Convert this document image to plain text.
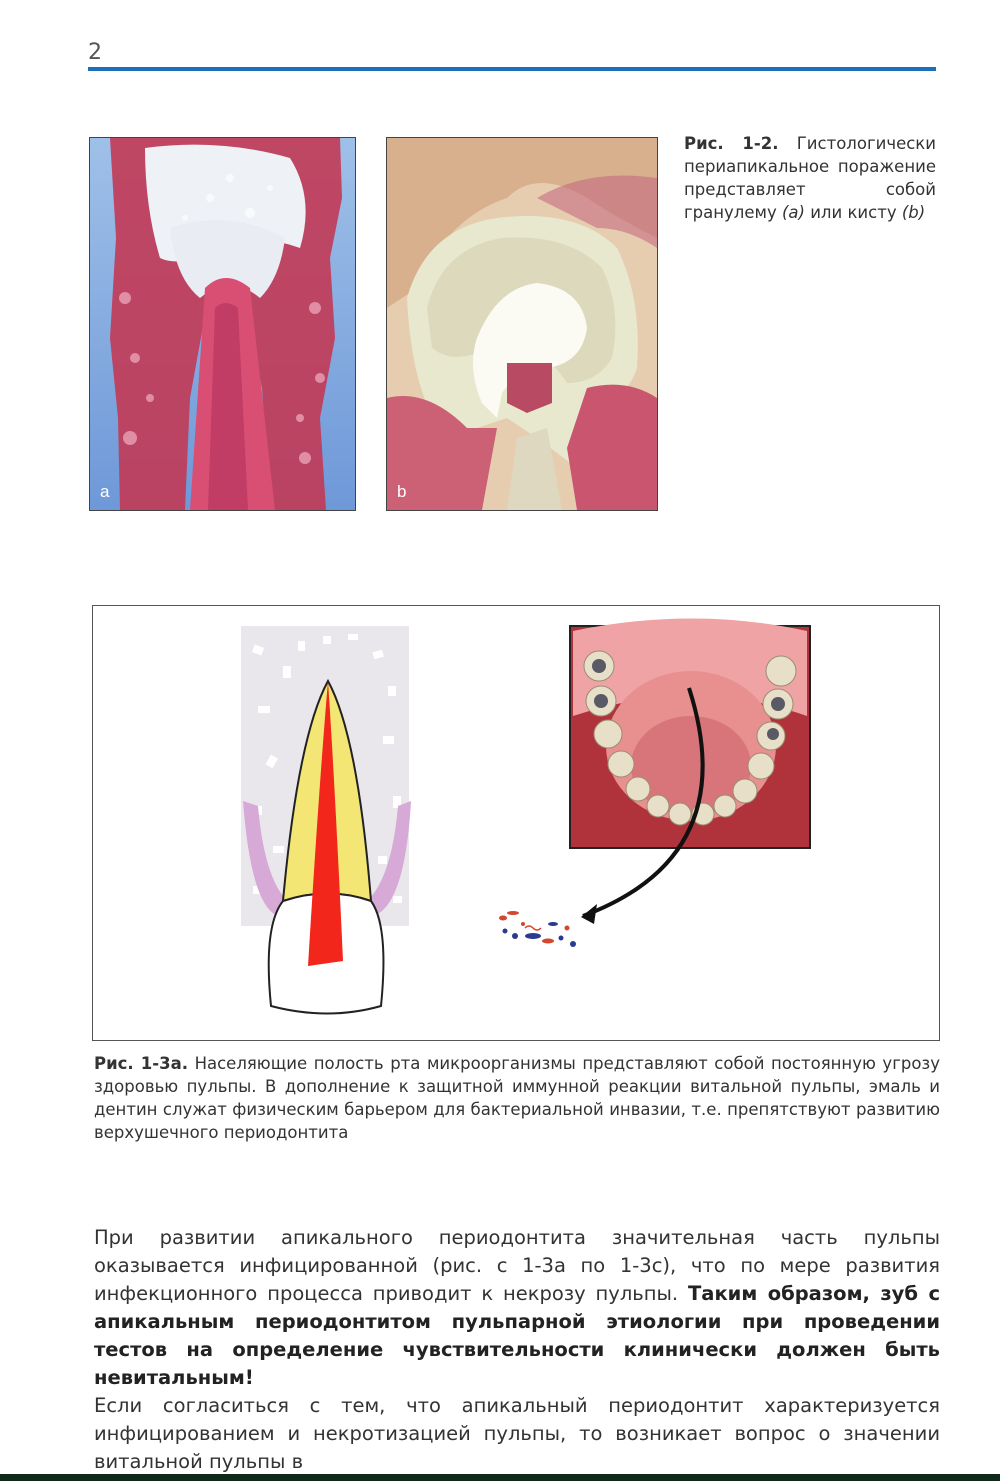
2
a	b
Рис. 1-2. Гистологически периапикальное поражение представляет собой гранулему (a) или кисту (b)
Рис. 1-3a. Населяющие полость рта микроорганизмы представляют собой постоянную угрозу здоровью пульпы. В дополнение к защитной иммунной реакции витальной пульпы, эмаль и дентин служат физическим барьером для бактериальной инвазии, т.е. препятствуют развитию верхушечного периодонтита

При развитии апикального периодонтита значительная часть пульпы оказывается инфицированной (рис. с 1-3а по 1-3с), что по мере развития инфекционного процесса приводит к некрозу пульпы. Таким образом, зуб с апикальным периодонтитом пульпарной этиологии при проведении тестов на определение чувствительности клинически должен быть невитальным!

Если согласиться с тем, что апикальный периодонтит характеризуется инфицированием и некротизацией пульпы, то возникает вопрос о значении витальной пульпы в
